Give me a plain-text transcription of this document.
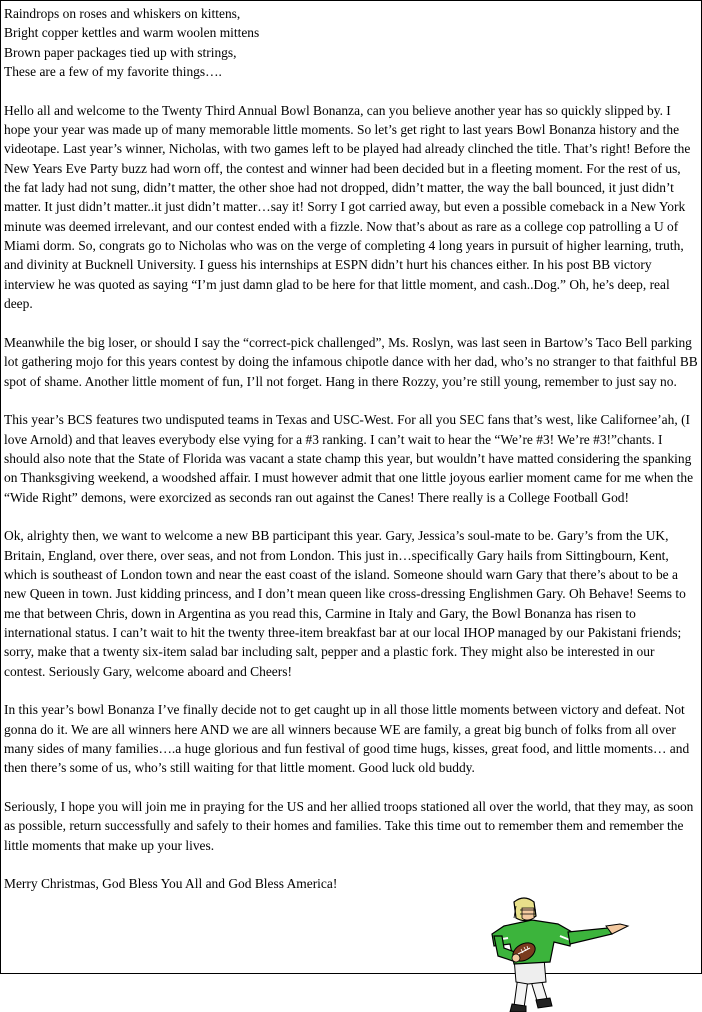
Raindrops on roses and whiskers on kittens,
Bright copper kettles and warm woolen mittens
Brown paper packages tied up with strings,
These are a few of my favorite things….

Hello all and welcome to the Twenty Third Annual Bowl Bonanza, can you believe another year has so quickly slipped by. I hope your year was made up of many memorable little moments. So let’s get right to last years Bowl Bonanza history and the videotape. Last year’s winner, Nicholas, with two games left to be played had already clinched the title. That’s right! Before the New Years Eve Party buzz had worn off, the contest and winner had been decided but in a fleeting moment. For the rest of us, the fat lady had not sung, didn’t matter, the other shoe had not dropped, didn’t matter, the way the ball bounced, it just didn’t matter. It just didn’t matter..it just didn’t matter…say it! Sorry I got carried away, but even a possible comeback in a New York minute was deemed irrelevant, and our contest ended with a fizzle. Now that’s about as rare as a college cop patrolling a U of Miami dorm. So, congrats go to Nicholas who was on the verge of completing 4 long years in pursuit of higher learning, truth, and divinity at Bucknell University. I guess his internships at ESPN didn’t hurt his chances either. In his post BB victory interview he was quoted as saying “I’m just damn glad to be here for that little moment, and cash..Dog.” Oh, he’s deep, real deep.

Meanwhile the big loser, or should I say the “correct-pick challenged”, Ms. Roslyn, was last seen in Bartow’s Taco Bell parking lot gathering mojo for this years contest by doing the infamous chipotle dance with her dad, who’s no stranger to that faithful BB spot of shame. Another little moment of fun, I’ll not forget. Hang in there Rozzy, you’re still young, remember to just say no.

This year’s BCS features two undisputed teams in Texas and USC-West. For all you SEC fans that’s west, like Californee’ah, (I love Arnold) and that leaves everybody else vying for a #3 ranking. I can’t wait to hear the “We’re #3! We’re #3!”chants. I should also note that the State of Florida was vacant a state champ this year, but wouldn’t have matted considering the spanking on Thanksgiving weekend, a woodshed affair. I must however admit that one little joyous earlier moment came for me when the “Wide Right” demons, were exorcized as seconds ran out against the Canes! There really is a College Football God!

Ok, alrighty then, we want to welcome a new BB participant this year. Gary, Jessica’s soul-mate to be. Gary’s from the UK, Britain, England, over there, over seas, and not from London. This just in…specifically Gary hails from Sittingbourn, Kent, which is southeast of London town and near the east coast of the island. Someone should warn Gary that there’s about to be a new Queen in town. Just kidding princess, and I don’t mean queen like cross-dressing Englishmen Gary. Oh Behave! Seems to me that between Chris, down in Argentina as you read this, Carmine in Italy and Gary, the Bowl Bonanza has risen to international status. I can’t wait to hit the twenty three-item breakfast bar at our local IHOP managed by our Pakistani friends; sorry, make that a twenty six-item salad bar including salt, pepper and a plastic fork. They might also be interested in our contest. Seriously Gary, welcome aboard and Cheers!

In this year’s bowl Bonanza I’ve finally decide not to get caught up in all those little moments between victory and defeat. Not gonna do it. We are all winners here AND we are all winners because WE are family, a great big bunch of folks from all over many sides of many families….a huge glorious and fun festival of good time hugs, kisses, great food, and little moments… and then there’s some of us, who’s still waiting for that little moment. Good luck old buddy.

Seriously, I hope you will join me in praying for the US and her allied troops stationed all over the world, that they may, as soon as possible, return successfully and safely to their homes and families. Take this time out to remember them and remember the little moments that make up your lives.

Merry Christmas, God Bless You All and God Bless America!
